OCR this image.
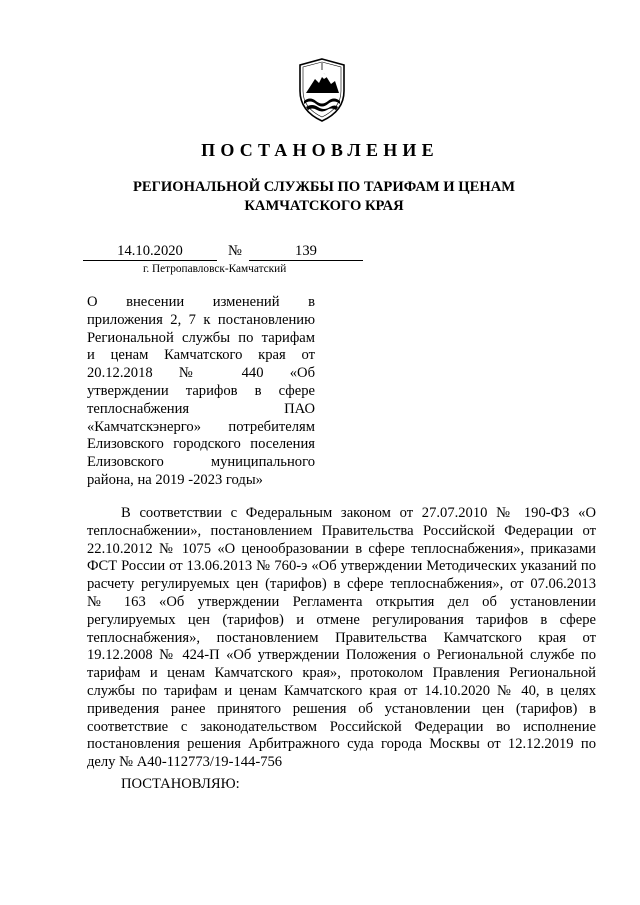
ПОСТАНОВЛЕНИЕ
РЕГИОНАЛЬНОЙ СЛУЖБЫ ПО ТАРИФАМ И ЦЕНАМ
КАМЧАТСКОГО КРАЯ
14.10.2020	№	139
г. Петропавловск-Камчатский
О внесении изменений в
приложения 2, 7 к постановлению
Региональной службы по тарифам
и ценам Камчатского края от
20.12.2018 № 440 «Об
утверждении тарифов в сфере
теплоснабжения ПАО
«Камчатскэнерго» потребителям
Елизовского городского поселения
Елизовского муниципального
района, на 2019 -2023 годы»
В соответствии с Федеральным законом от 27.07.2010 № 190-ФЗ «О
теплоснабжении», постановлением Правительства Российской Федерации от
22.10.2012 № 1075 «О ценообразовании в сфере теплоснабжения», приказами
ФСТ России от 13.06.2013 № 760-э «Об утверждении Методических указаний по
расчету регулируемых цен (тарифов) в сфере теплоснабжения», от 07.06.2013
№ 163 «Об утверждении Регламента открытия дел об установлении
регулируемых цен (тарифов) и отмене регулирования тарифов в сфере
теплоснабжения», постановлением Правительства Камчатского края от
19.12.2008 № 424-П «Об утверждении Положения о Региональной службе по
тарифам и ценам Камчатского края», протоколом Правления Региональной
службы по тарифам и ценам Камчатского края от 14.10.2020 № 40, в целях
приведения ранее принятого решения об установлении цен (тарифов) в
соответствие с законодательством Российской Федерации во исполнение
постановления решения Арбитражного суда города Москвы от 12.12.2019 по
делу № А40-112773/19-144-756
ПОСТАНОВЛЯЮ:
